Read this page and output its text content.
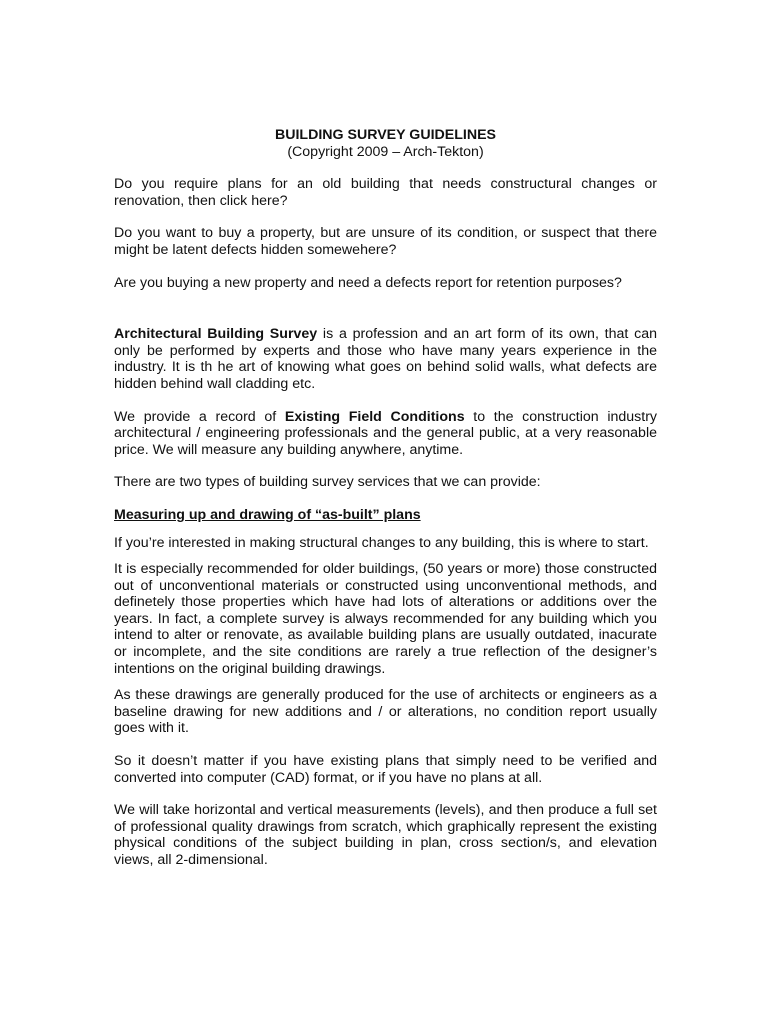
BUILDING SURVEY GUIDELINES
(Copyright 2009 – Arch-Tekton)

Do you require plans for an old building that needs constructural changes or renovation, then click here?

Do you want to buy a property, but are unsure of its condition, or suspect that there might be latent defects hidden somewehere?

Are you buying a new property and need a defects report for retention purposes?

Architectural Building Survey is a profession and an art form of its own, that can only be performed by experts and those who have many years experience in the industry. It is th he art of knowing what goes on behind solid walls, what defects are hidden behind wall cladding etc.

We provide a record of Existing Field Conditions to the construction industry architectural / engineering professionals and the general public, at a very reasonable price. We will measure any building anywhere, anytime.

There are two types of building survey services that we can provide:

Measuring up and drawing of “as-built” plans

If you’re interested in making structural changes to any building, this is where to start.

It is especially recommended for older buildings, (50 years or more) those constructed out of unconventional materials or constructed using unconventional methods, and definetely those properties which have had lots of alterations or additions over the years. In fact, a complete survey is always recommended for any building which you intend to alter or renovate, as available building plans are usually outdated, inacurate or incomplete, and the site conditions are rarely a true reflection of the designer’s intentions on the original building drawings.

As these drawings are generally produced for the use of architects or engineers as a baseline drawing for new additions and / or alterations, no condition report usually goes with it.

So it doesn’t matter if you have existing plans that simply need to be verified and converted into computer (CAD) format, or if you have no plans at all.

We will take horizontal and vertical measurements (levels), and then produce a full set of professional quality drawings from scratch, which graphically represent the existing physical conditions of the subject building in plan, cross section/s, and elevation views, all 2-dimensional.
